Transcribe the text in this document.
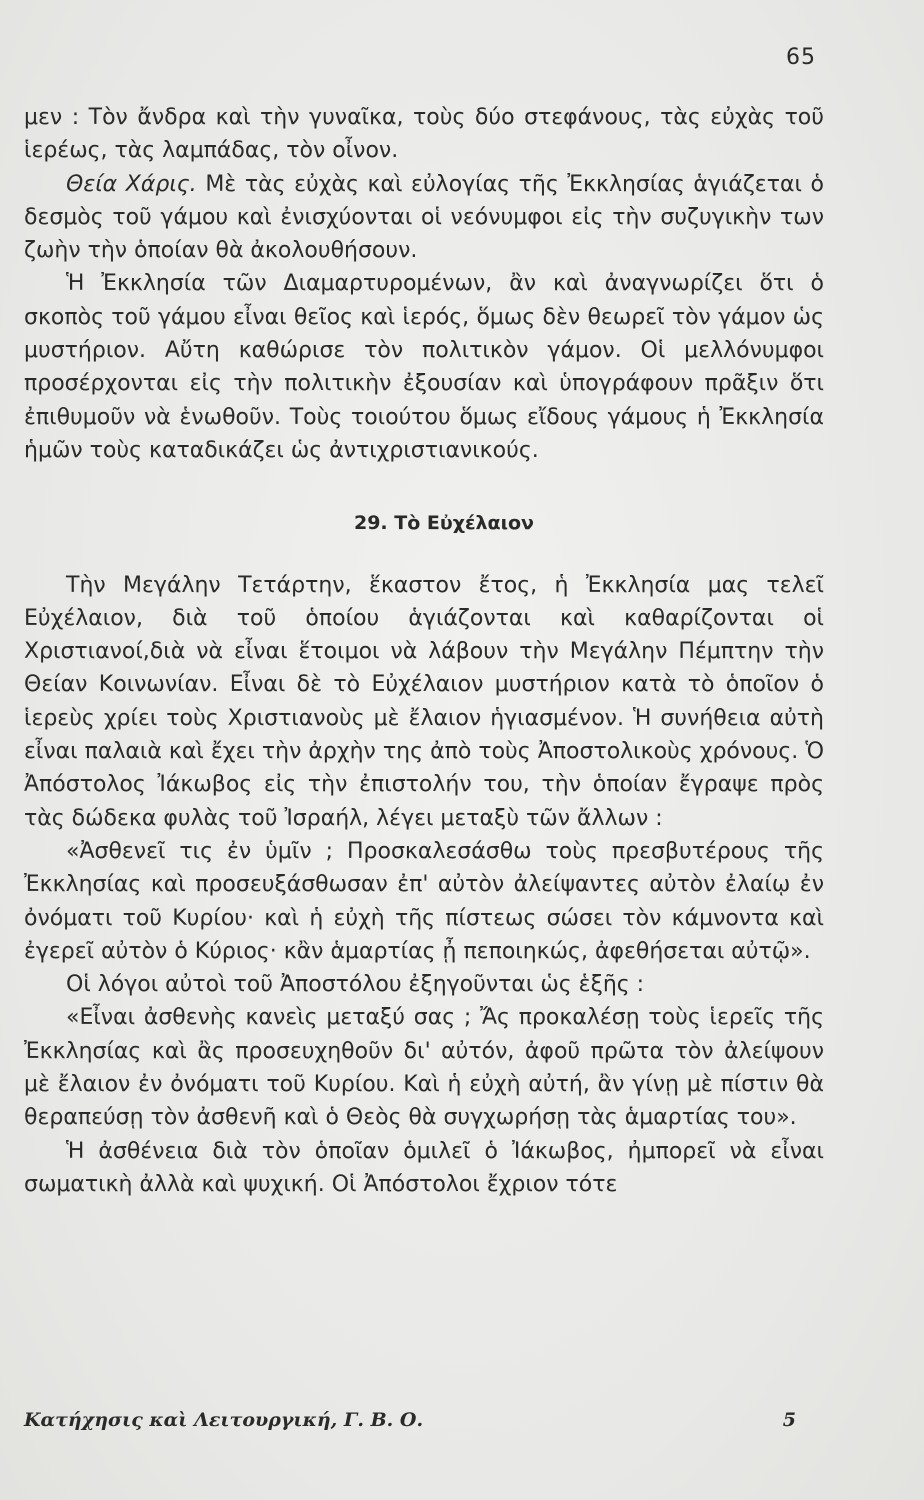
65

μεν : Τὸν ἄνδρα καὶ τὴν γυναῖκα, τοὺς δύο στεφάνους, τὰς εὐχὰς τοῦ ἱερέως, τὰς λαμπάδας, τὸν οἶνον.

Θεία Χάρις. Μὲ τὰς εὐχὰς καὶ εὐλογίας τῆς Ἐκκλησίας ἁγιάζεται ὁ δεσμὸς τοῦ γάμου καὶ ἐνισχύονται οἱ νεόνυμφοι εἰς τὴν συζυγικὴν των ζωὴν τὴν ὁποίαν θὰ ἀκολουθήσουν.

Ἡ Ἐκκλησία τῶν Διαμαρτυρομένων, ἂν καὶ ἀναγνωρίζει ὅτι ὁ σκοπὸς τοῦ γάμου εἶναι θεῖος καὶ ἱερός, ὅμως δὲν θεωρεῖ τὸν γάμον ὡς μυστήριον. Αὔτη καθώρισε τὸν πολιτικὸν γάμον. Οἱ μελλόνυμφοι προσέρχονται εἰς τὴν πολιτικὴν ἐξουσίαν καὶ ὑπογράφουν πρᾶξιν ὅτι ἐπιθυμοῦν νὰ ἑνωθοῦν. Τοὺς τοιούτου ὅμως εἴδους γάμους ἡ Ἐκκλησία ἡμῶν τοὺς καταδικάζει ὡς ἀντιχριστιανικούς.

29. Τὸ Εὐχέλαιον

Τὴν Μεγάλην Τετάρτην, ἕκαστον ἔτος, ἡ Ἐκκλησία μας τελεῖ Εὐχέλαιον, διὰ τοῦ ὁποίου ἁγιάζονται καὶ καθαρίζονται οἱ Χριστιανοί,διὰ νὰ εἶναι ἕτοιμοι νὰ λάβουν τὴν Μεγάλην Πέμπτην τὴν Θείαν Κοινωνίαν. Εἶναι δὲ τὸ Εὐχέλαιον μυστήριον κατὰ τὸ ὁποῖον ὁ ἱερεὺς χρίει τοὺς Χριστιανοὺς μὲ ἔλαιον ἡγιασμένον. Ἡ συνήθεια αὐτὴ εἶναι παλαιὰ καὶ ἔχει τὴν ἀρχὴν της ἀπὸ τοὺς Ἀποστολικοὺς χρόνους. Ὁ Ἀπόστολος Ἰάκωβος εἰς τὴν ἐπιστολήν του, τὴν ὁποίαν ἔγραψε πρὸς τὰς δώδεκα φυλὰς τοῦ Ἰσραήλ, λέγει μεταξὺ τῶν ἄλλων :

«Ἀσθενεῖ τις ἐν ὑμῖν ; Προσκαλεσάσθω τοὺς πρεσβυτέρους τῆς Ἐκκλησίας καὶ προσευξάσθωσαν ἐπ' αὐτὸν ἀλείψαντες αὐτὸν ἐλαίῳ ἐν ὀνόματι τοῦ Κυρίου· καὶ ἡ εὐχὴ τῆς πίστεως σώσει τὸν κάμνοντα καὶ ἐγερεῖ αὐτὸν ὁ Κύριος· κἂν ἁμαρτίας ᾖ πεποιηκώς, ἀφεθήσεται αὐτῷ».

Οἱ λόγοι αὐτοὶ τοῦ Ἀποστόλου ἐξηγοῦνται ὡς ἑξῆς :

«Εἶναι ἀσθενὴς κανεὶς μεταξύ σας ; Ἄς προκαλέσῃ τοὺς ἱερεῖς τῆς Ἐκκλησίας καὶ ἂς προσευχηθοῦν δι' αὐτόν, ἀφοῦ πρῶτα τὸν ἀλείψουν μὲ ἔλαιον ἐν ὀνόματι τοῦ Κυρίου. Καὶ ἡ εὐχὴ αὐτή, ἂν γίνῃ μὲ πίστιν θὰ θεραπεύσῃ τὸν ἀσθενῆ καὶ ὁ Θεὸς θὰ συγχωρήσῃ τὰς ἁμαρτίας του».

Ἡ ἀσθένεια διὰ τὸν ὁποῖαν ὁμιλεῖ ὁ Ἰάκωβος, ἠμπορεῖ νὰ εἶναι σωματικὴ ἀλλὰ καὶ ψυχική. Οἱ Ἀπόστολοι ἔχριον τότε

Κατήχησις καὶ Λειτουργική, Γ. Β. Ο.	5
